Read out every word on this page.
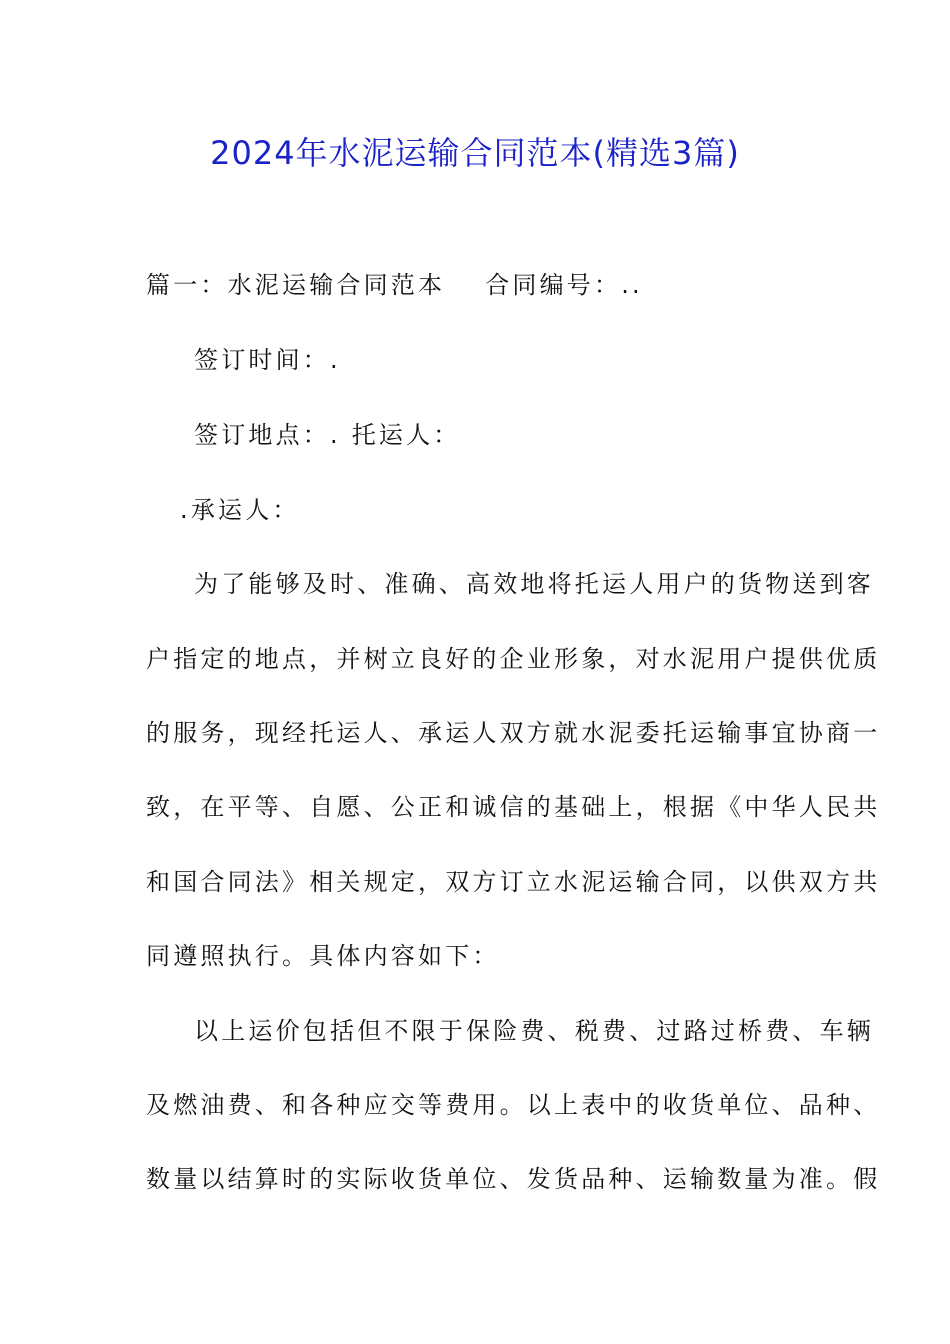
2024年水泥运输合同范本(精选3篇)
篇一：水泥运输合同范本 合同编号：..
签订时间：.
签订地点：. 托运人：
.承运人：
为了能够及时、准确、高效地将托运人用户的货物送到客
户指定的地点，并树立良好的企业形象，对水泥用户提供优质
的服务，现经托运人、承运人双方就水泥委托运输事宜协商一
致，在平等、自愿、公正和诚信的基础上，根据《中华人民共
和国合同法》相关规定，双方订立水泥运输合同，以供双方共
同遵照执行。具体内容如下：
以上运价包括但不限于保险费、税费、过路过桥费、车辆
及燃油费、和各种应交等费用。以上表中的收货单位、品种、
数量以结算时的实际收货单位、发货品种、运输数量为准。假
